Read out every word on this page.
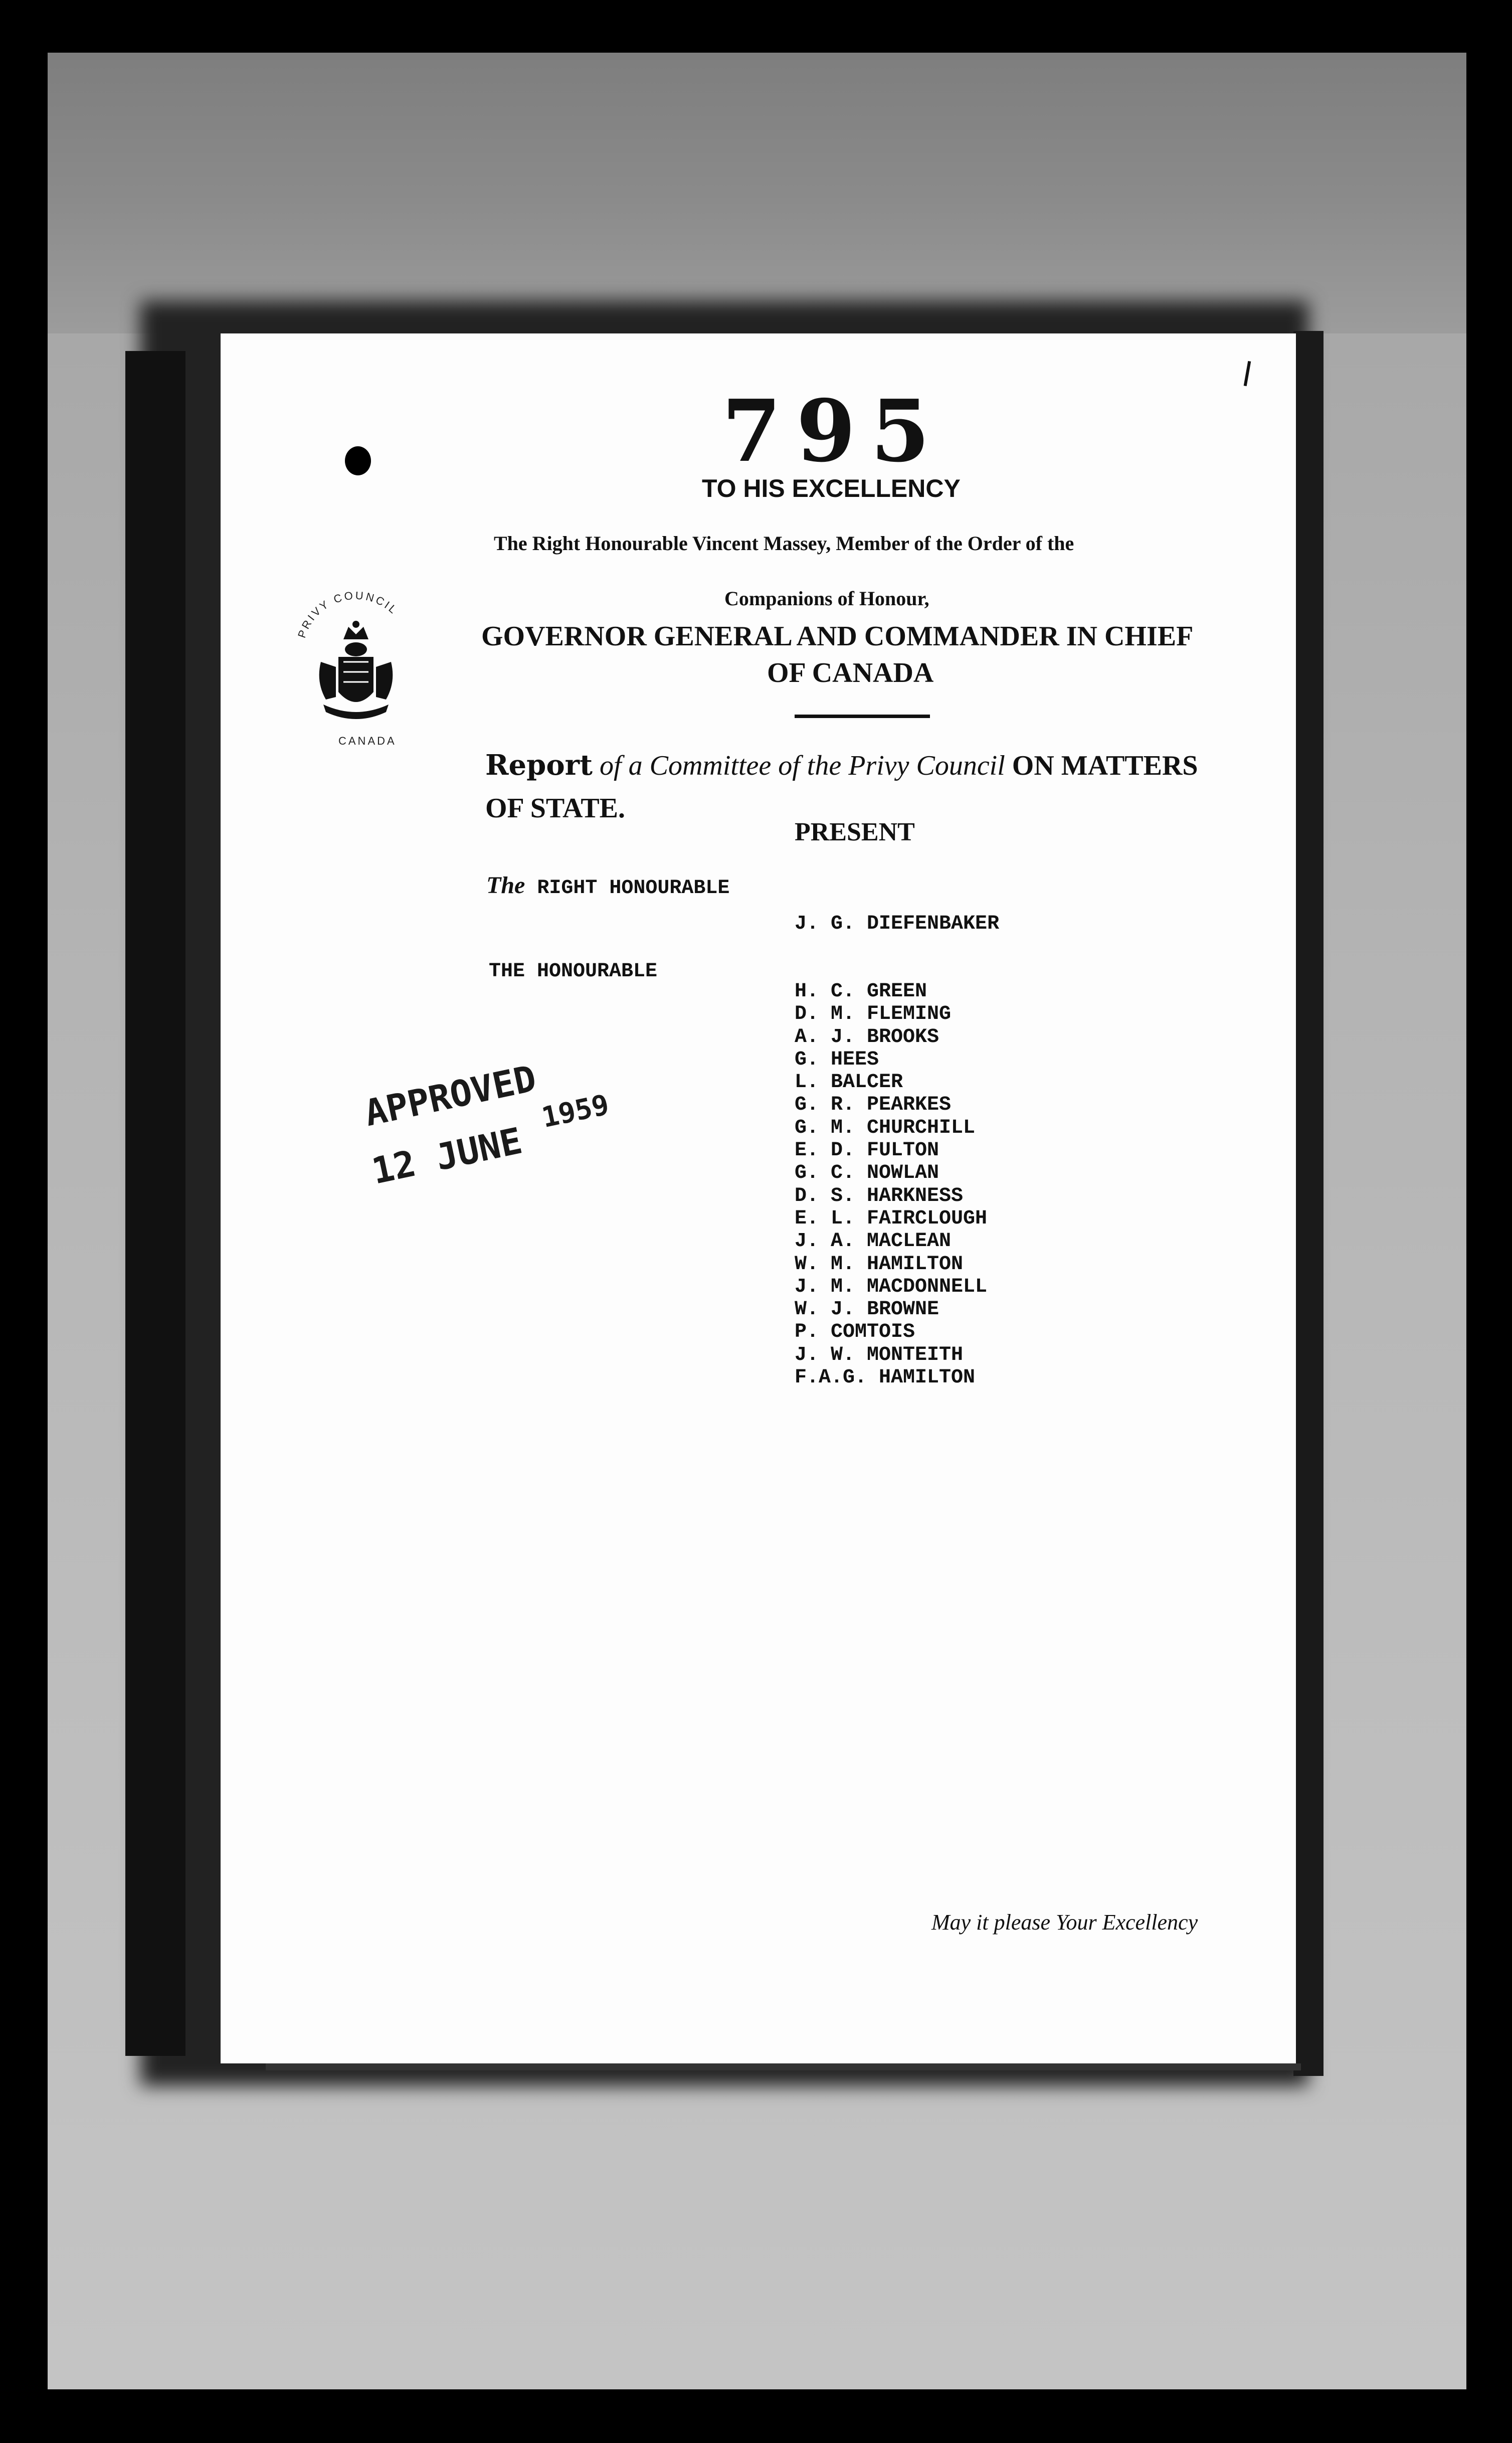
795
TO HIS EXCELLENCY
The Right Honourable Vincent Massey, Member of the Order of the
Companions of Honour,
GOVERNOR GENERAL AND COMMANDER IN CHIEF
OF CANADA
PRIVY COUNCIL
CANADA
Report of a Committee of the Privy Council ON MATTERS
OF STATE.
PRESENT
The RIGHT HONOURABLE
J. G. DIEFENBAKER
THE HONOURABLE
H. C. GREEN
D. M. FLEMING
A. J. BROOKS
G. HEES
L. BALCER
G. R. PEARKES
G. M. CHURCHILL
E. D. FULTON
G. C. NOWLAN
D. S. HARKNESS
E. L. FAIRCLOUGH
J. A. MACLEAN
W. M. HAMILTON
J. M. MACDONNELL
W. J. BROWNE
P. COMTOIS
J. W. MONTEITH
F.A.G. HAMILTON
APPROVED
12 $JUNE^{1959}$
May it please Your Excellency
